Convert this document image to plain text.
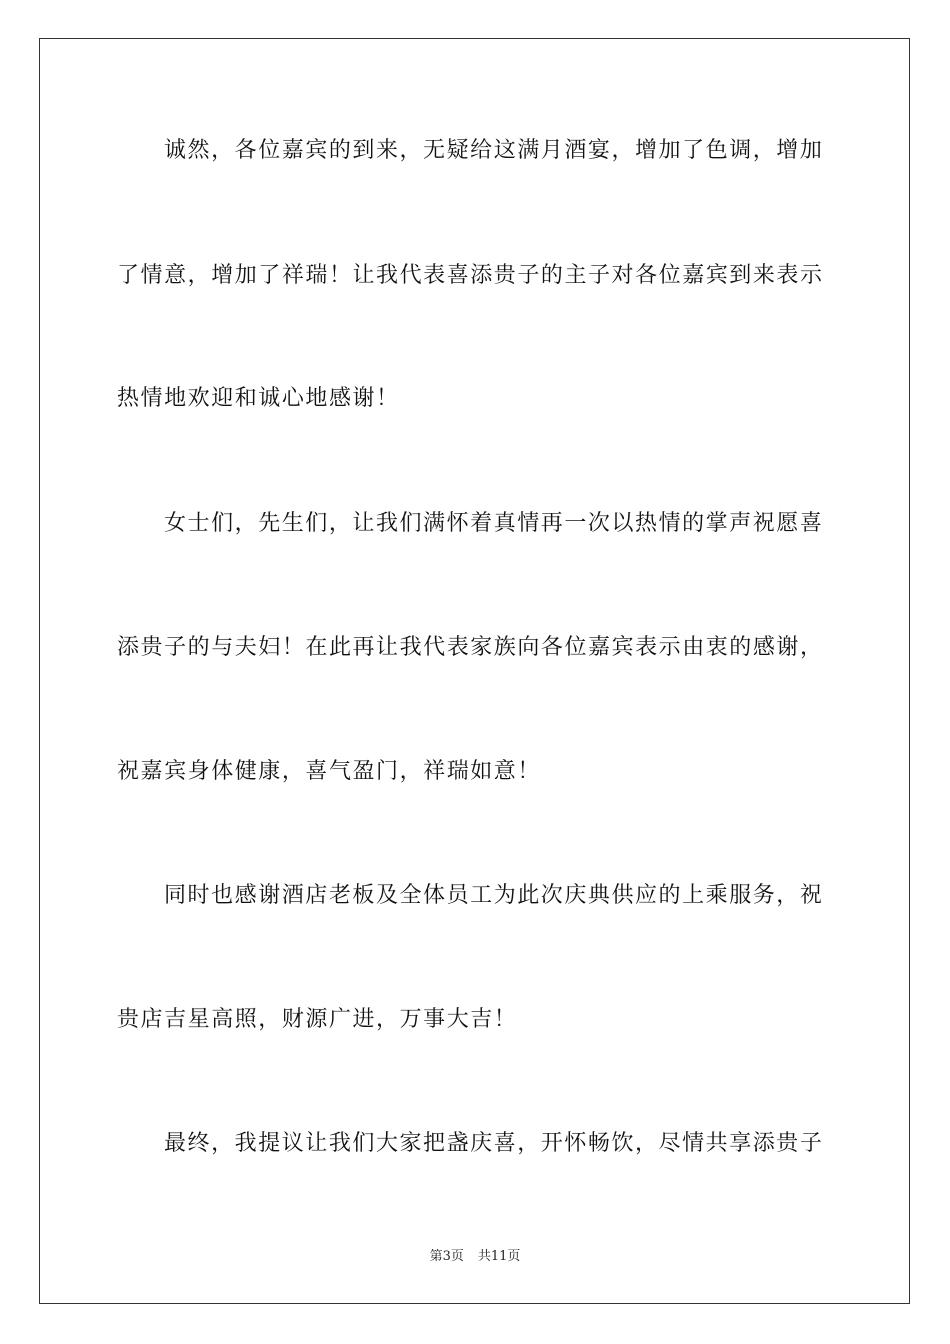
诚然，各位嘉宾的到来，无疑给这满月酒宴，增加了色调，增加
了情意，增加了祥瑞！让我代表喜添贵子的主子对各位嘉宾到来表示
热情地欢迎和诚心地感谢！
女士们，先生们，让我们满怀着真情再一次以热情的掌声祝愿喜
添贵子的与夫妇！在此再让我代表家族向各位嘉宾表示由衷的感谢，
祝嘉宾身体健康，喜气盈门，祥瑞如意！
同时也感谢酒店老板及全体员工为此次庆典供应的上乘服务，祝
贵店吉星高照，财源广进，万事大吉！
最终，我提议让我们大家把盏庆喜，开怀畅饮，尽情共享添贵子
第3页 共11页
